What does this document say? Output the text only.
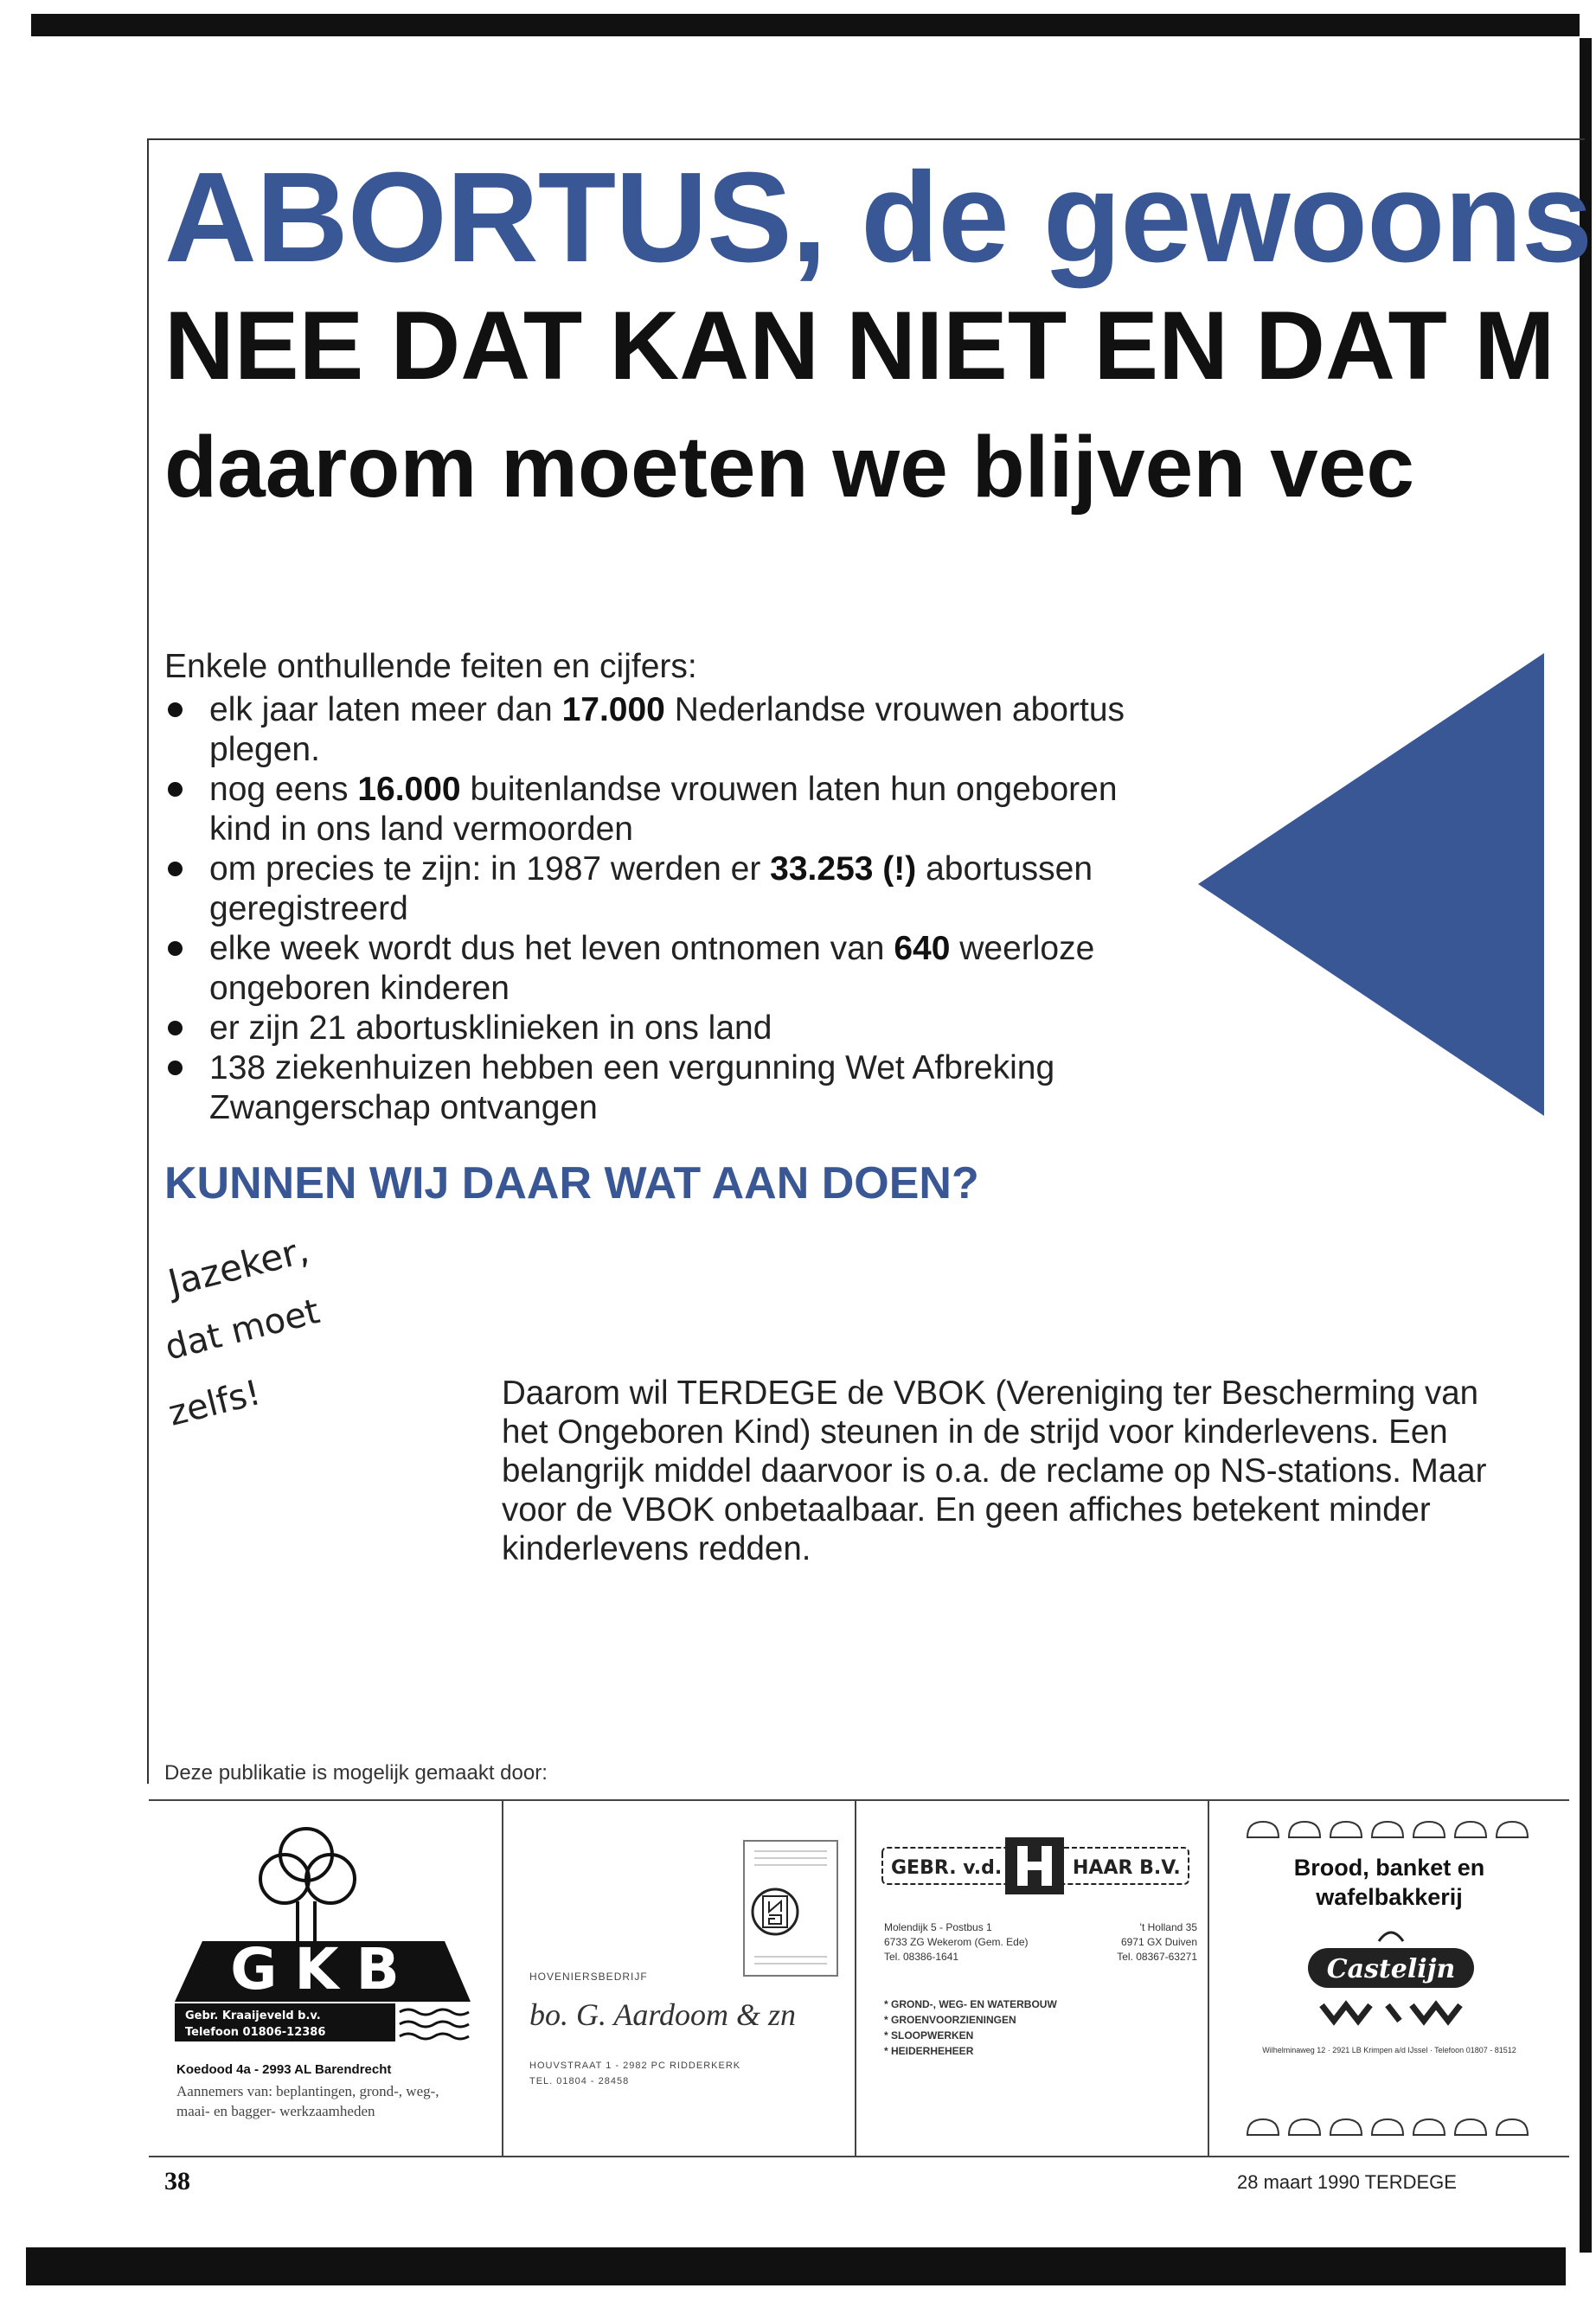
ABORTUS, de gewoons
NEE DAT KAN NIET EN DAT M
daarom moeten we blijven vec
Enkele onthullende feiten en cijfers:
elk jaar laten meer dan 17.000 Nederlandse vrouwen abortus plegen.
nog eens 16.000 buitenlandse vrouwen laten hun ongeboren kind in ons land vermoorden
om precies te zijn: in 1987 werden er 33.253 (!) abortussen geregistreerd
elke week wordt dus het leven ontnomen van 640 weerloze ongeboren kinderen
er zijn 21 abortusklinieken in ons land
138 ziekenhuizen hebben een vergunning Wet Afbreking Zwangerschap ontvangen
KUNNEN WIJ DAAR WAT AAN DOEN?
Jazeker,
dat moet
zelfs!	Daarom wil TERDEGE de VBOK (Vereniging ter Bescherming van het Ongeboren Kind) steunen in de strijd voor kinderlevens. Een belangrijk middel daarvoor is o.a. de reclame op NS-stations. Maar voor de VBOK onbetaalbaar. En geen affiches betekent minder kinderlevens redden.
Deze publikatie is mogelijk gemaakt door:
GKB
Gebr. Kraaijeveld b.v.
Telefoon 01806-12386
Koedood 4a - 2993 AL Barendrecht
Aannemers van: beplantingen, grond-, weg-, maai- en bagger- werkzaamheden
HOVENIERSBEDRIJF
bo. G. Aardoom & zn
HOUVSTRAAT 1 - 2982 PC RIDDERKERK
TEL. 01804 - 28458
GEBR. v.d.	HAAR B.V.
Molendijk 5 - Postbus 1
6733 ZG Wekerom (Gem. Ede)
Tel. 08386-1641
't Holland 35
6971 GX Duiven
Tel. 08367-63271
* GROND-, WEG- EN WATERBOUW
* GROENVOORZIENINGEN
* SLOOPWERKEN
* HEIDERHEHEER
Brood, banket en wafelbakkerij
Castelijn
Wilhelminaweg 12 · 2921 LB Krimpen a/d IJssel · Telefoon 01807 - 81512
38	28 maart 1990 TERDEGE
